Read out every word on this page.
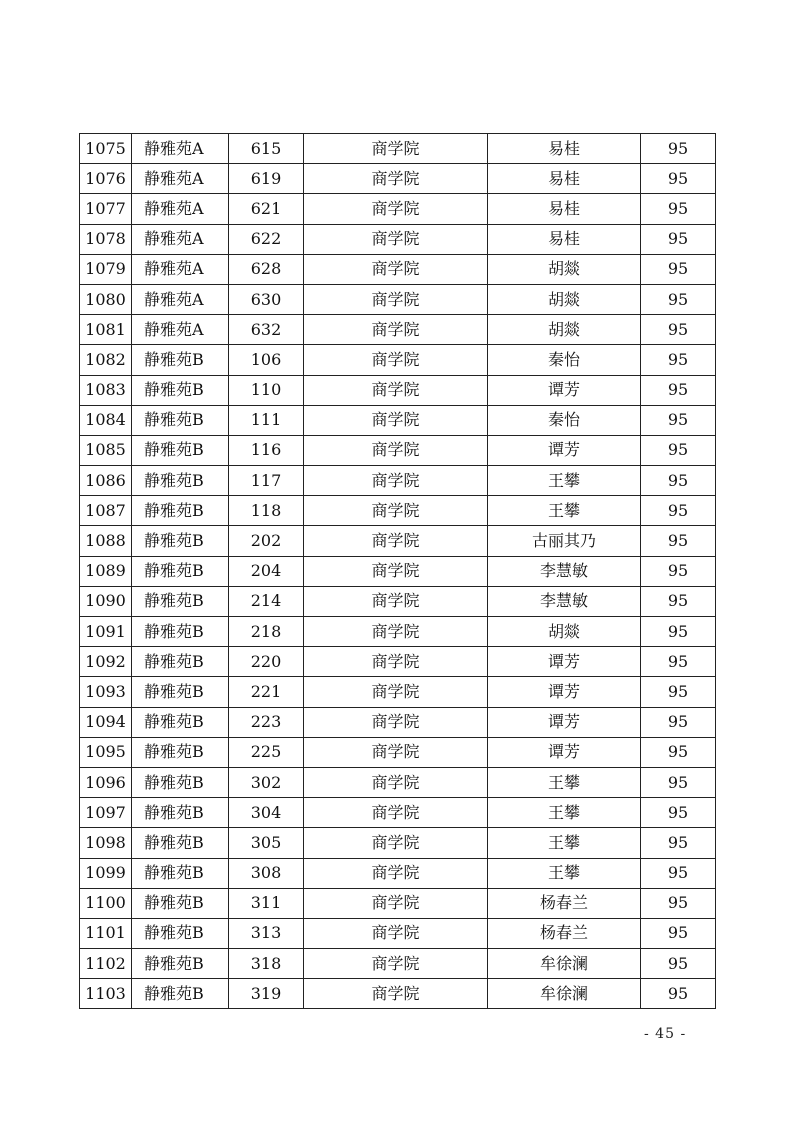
1075	静雅苑A	615	商学院	易桂	95
1076	静雅苑A	619	商学院	易桂	95
1077	静雅苑A	621	商学院	易桂	95
1078	静雅苑A	622	商学院	易桂	95
1079	静雅苑A	628	商学院	胡燚	95
1080	静雅苑A	630	商学院	胡燚	95
1081	静雅苑A	632	商学院	胡燚	95
1082	静雅苑B	106	商学院	秦怡	95
1083	静雅苑B	110	商学院	谭芳	95
1084	静雅苑B	111	商学院	秦怡	95
1085	静雅苑B	116	商学院	谭芳	95
1086	静雅苑B	117	商学院	王攀	95
1087	静雅苑B	118	商学院	王攀	95
1088	静雅苑B	202	商学院	古丽其乃	95
1089	静雅苑B	204	商学院	李慧敏	95
1090	静雅苑B	214	商学院	李慧敏	95
1091	静雅苑B	218	商学院	胡燚	95
1092	静雅苑B	220	商学院	谭芳	95
1093	静雅苑B	221	商学院	谭芳	95
1094	静雅苑B	223	商学院	谭芳	95
1095	静雅苑B	225	商学院	谭芳	95
1096	静雅苑B	302	商学院	王攀	95
1097	静雅苑B	304	商学院	王攀	95
1098	静雅苑B	305	商学院	王攀	95
1099	静雅苑B	308	商学院	王攀	95
1100	静雅苑B	311	商学院	杨春兰	95
1101	静雅苑B	313	商学院	杨春兰	95
1102	静雅苑B	318	商学院	牟徐澜	95
1103	静雅苑B	319	商学院	牟徐澜	95
- 45 -
